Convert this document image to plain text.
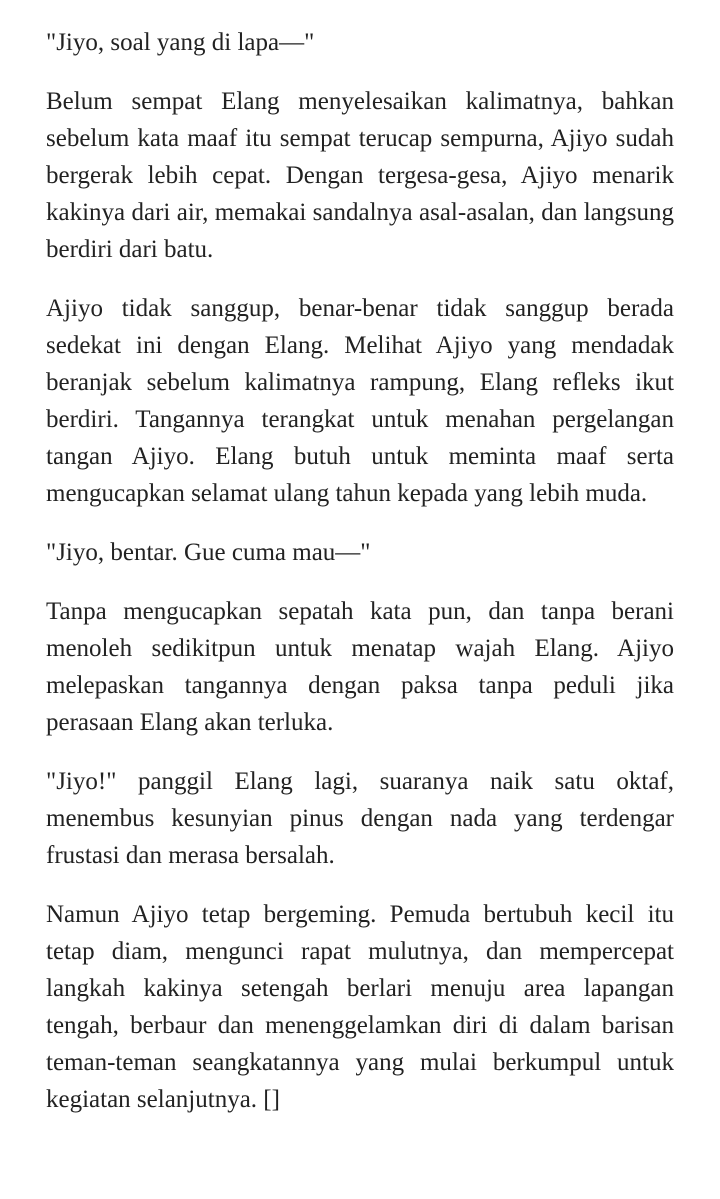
"Jiyo, soal yang di lapa—"

Belum sempat Elang menyelesaikan kalimatnya, bahkan sebelum kata maaf itu sempat terucap sempurna, Ajiyo sudah bergerak lebih cepat. Dengan tergesa-gesa, Ajiyo menarik kakinya dari air, memakai sandalnya asal-asalan, dan langsung berdiri dari batu.

Ajiyo tidak sanggup, benar-benar tidak sanggup berada sedekat ini dengan Elang. Melihat Ajiyo yang mendadak beranjak sebelum kalimatnya rampung, Elang refleks ikut berdiri. Tangannya terangkat untuk menahan pergelangan tangan Ajiyo. Elang butuh untuk meminta maaf serta mengucapkan selamat ulang tahun kepada yang lebih muda.

"Jiyo, bentar. Gue cuma mau—"

Tanpa mengucapkan sepatah kata pun, dan tanpa berani menoleh sedikitpun untuk menatap wajah Elang. Ajiyo melepaskan tangannya dengan paksa tanpa peduli jika perasaan Elang akan terluka.

"Jiyo!" panggil Elang lagi, suaranya naik satu oktaf, menembus kesunyian pinus dengan nada yang terdengar frustasi dan merasa bersalah.

Namun Ajiyo tetap bergeming. Pemuda bertubuh kecil itu tetap diam, mengunci rapat mulutnya, dan mempercepat langkah kakinya setengah berlari menuju area lapangan tengah, berbaur dan menenggelamkan diri di dalam barisan teman-teman seangkatannya yang mulai berkumpul untuk kegiatan selanjutnya. []
